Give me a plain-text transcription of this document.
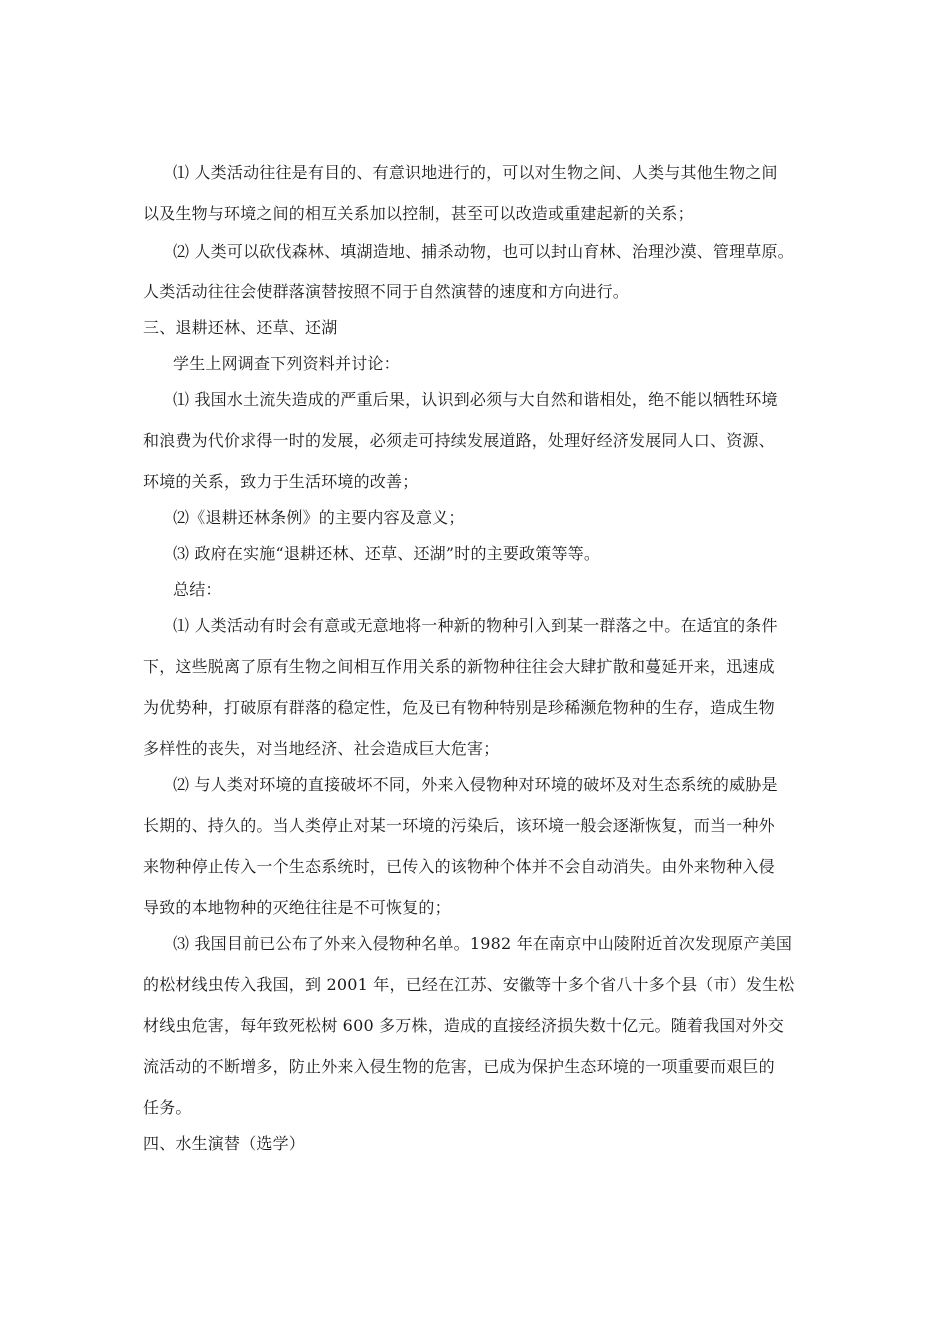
⑴ 人类活动往往是有目的、有意识地进行的，可以对生物之间、人类与其他生物之间
以及生物与环境之间的相互关系加以控制，甚至可以改造或重建起新的关系；
⑵ 人类可以砍伐森林、填湖造地、捕杀动物，也可以封山育林、治理沙漠、管理草原。
人类活动往往会使群落演替按照不同于自然演替的速度和方向进行。
三、退耕还林、还草、还湖
学生上网调查下列资料并讨论：
⑴ 我国水土流失造成的严重后果，认识到必须与大自然和谐相处，绝不能以牺牲环境
和浪费为代价求得一时的发展，必须走可持续发展道路，处理好经济发展同人口、资源、
环境的关系，致力于生活环境的改善；
⑵《退耕还林条例》的主要内容及意义；
⑶ 政府在实施“退耕还林、还草、还湖”时的主要政策等等。
总结：
⑴ 人类活动有时会有意或无意地将一种新的物种引入到某一群落之中。在适宜的条件
下，这些脱离了原有生物之间相互作用关系的新物种往往会大肆扩散和蔓延开来，迅速成
为优势种，打破原有群落的稳定性，危及已有物种特别是珍稀濒危物种的生存，造成生物
多样性的丧失，对当地经济、社会造成巨大危害；
⑵ 与人类对环境的直接破坏不同，外来入侵物种对环境的破坏及对生态系统的威胁是
长期的、持久的。当人类停止对某一环境的污染后，该环境一般会逐渐恢复，而当一种外
来物种停止传入一个生态系统时，已传入的该物种个体并不会自动消失。由外来物种入侵
导致的本地物种的灭绝往往是不可恢复的；
⑶ 我国目前已公布了外来入侵物种名单。1982 年在南京中山陵附近首次发现原产美国
的松材线虫传入我国，到 2001 年，已经在江苏、安徽等十多个省八十多个县（市）发生松
材线虫危害，每年致死松树 600 多万株，造成的直接经济损失数十亿元。随着我国对外交
流活动的不断增多，防止外来入侵生物的危害，已成为保护生态环境的一项重要而艰巨的
任务。
四、水生演替（选学）
